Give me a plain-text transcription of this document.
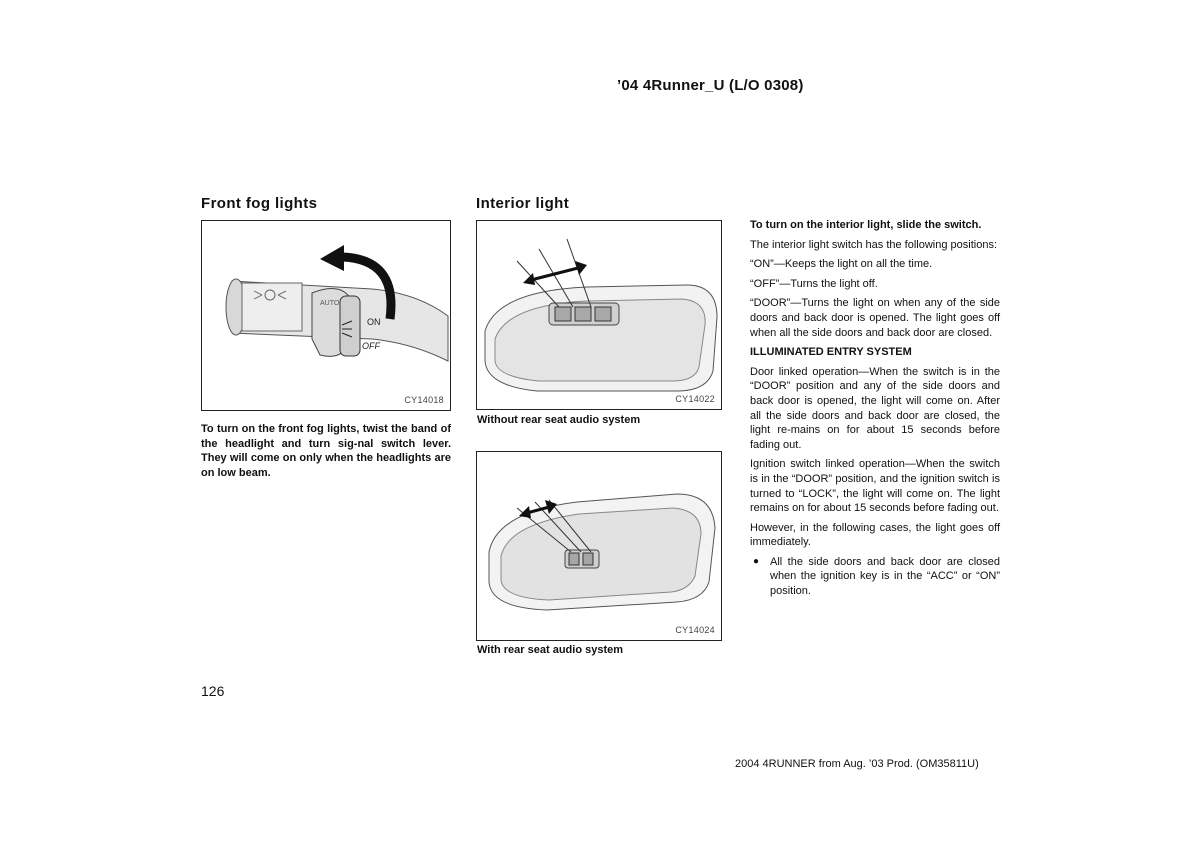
’04 4Runner_U (L/O 0308)
Front fog lights
AUTO
ON
OFF
CY14018
To turn on the front fog lights, twist the band of the headlight and turn sig-nal switch lever. They will come on only when the headlights are on low beam.
Interior light
CY14022
Without rear seat audio system
CY14024
With rear seat audio system

To turn on the interior light, slide the switch.

The interior light switch has the following positions:

“ON”—Keeps the light on all the time.

“OFF”—Turns the light off.

“DOOR”—Turns the light on when any of the side doors and back door is opened. The light goes off when all the side doors and back door are closed.

ILLUMINATED ENTRY SYSTEM

Door linked operation—When the switch is in the “DOOR” position and any of the side doors and back door is opened, the light will come on. After all the side doors and back door are closed, the light re-mains on for about 15 seconds before fading out.

Ignition switch linked operation—When the switch is in the “DOOR” position, and the ignition switch is turned to “LOCK”, the light will come on. The light remains on for about 15 seconds before fading out.

However, in the following cases, the light goes off immediately.

● All the side doors and back door are closed when the ignition key is in the “ACC” or “ON” position.
126
2004 4RUNNER from Aug. ’03 Prod. (OM35811U)
